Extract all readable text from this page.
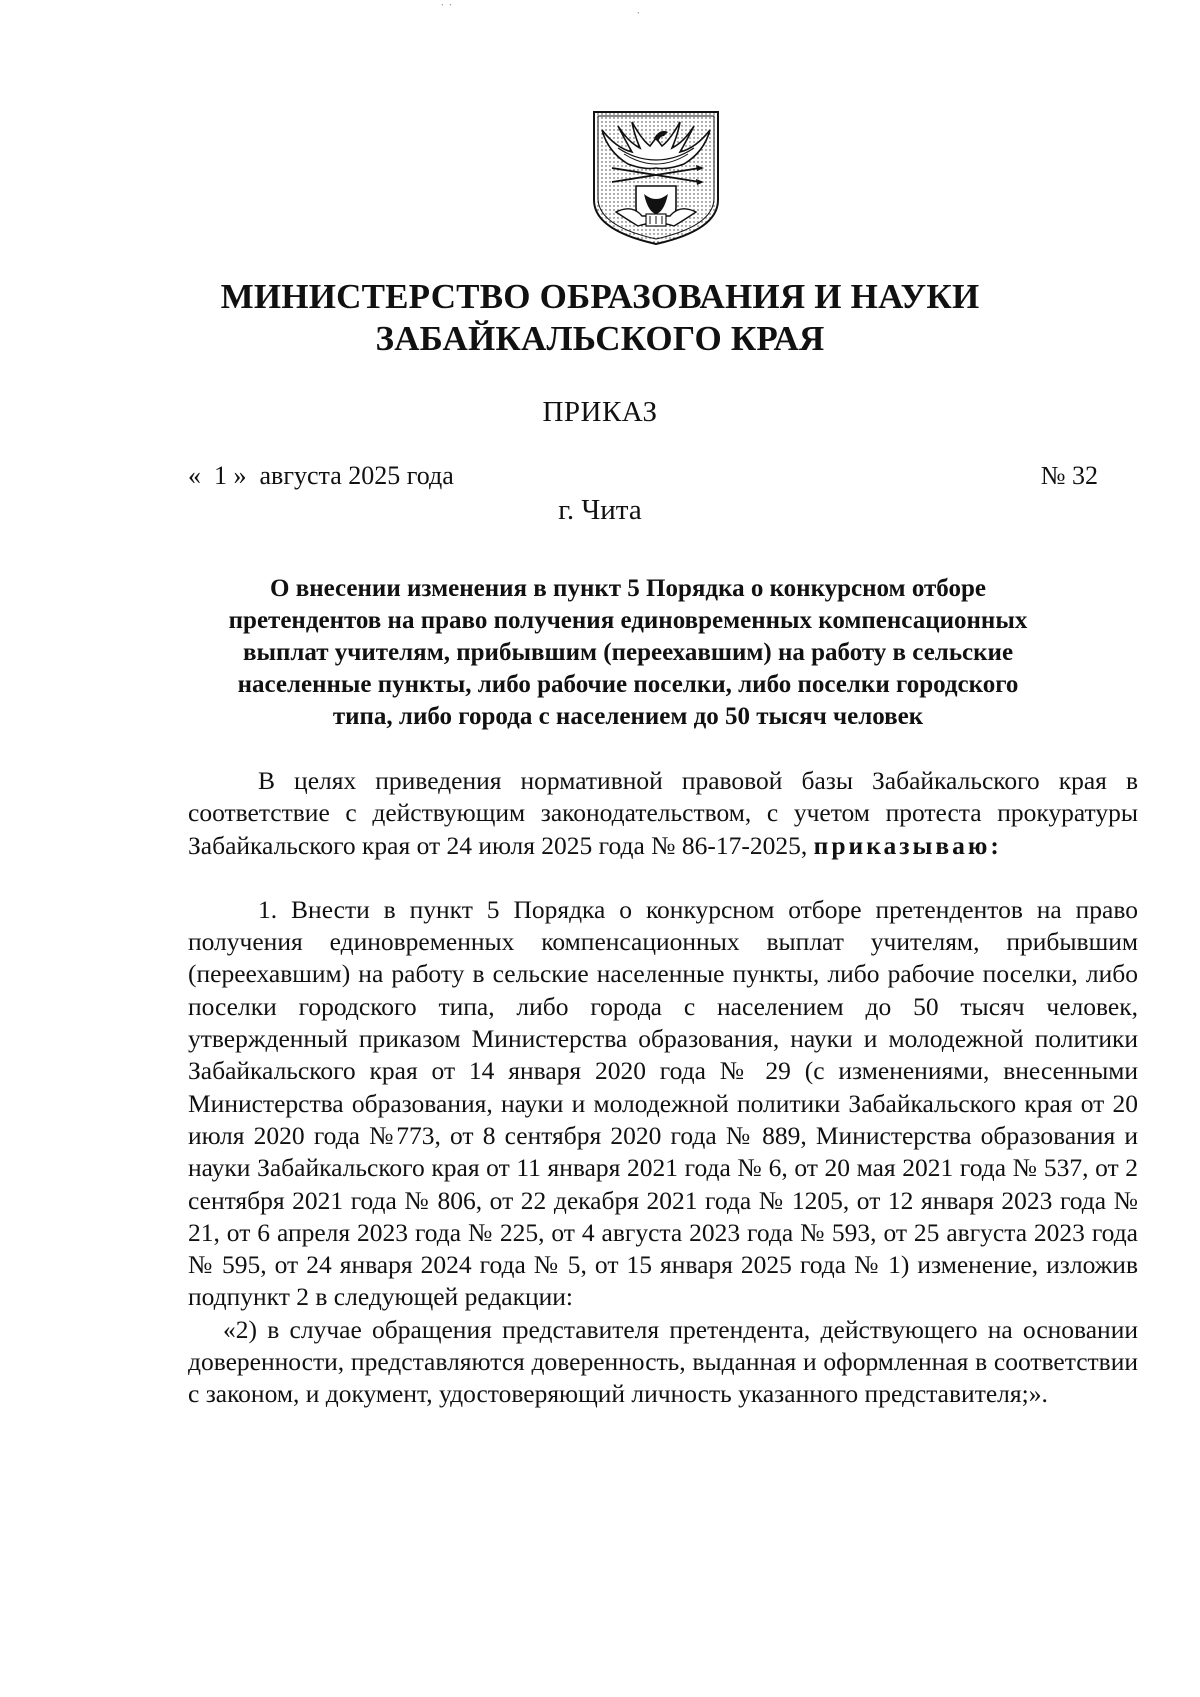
˙ ˙
˙
МИНИСТЕРСТВО ОБРАЗОВАНИЯ И НАУКИ
ЗАБАЙКАЛЬСКОГО КРАЯ
ПРИКАЗ
«  1 »  августа 2025 года	№ 32
г. Чита
О внесении изменения в пункт 5 Порядка о конкурсном отборе
претендентов на право получения единовременных компенсационных
выплат учителям, прибывшим (переехавшим) на работу в сельские
населенные пункты, либо рабочие поселки, либо поселки городского
типа, либо города с населением до 50 тысяч человек

В целях приведения нормативной правовой базы Забайкальского края в соответствие с действующим законодательством, с учетом протеста прокуратуры Забайкальского края от 24 июля 2025 года № 86-17-2025, приказываю:

1. Внести в пункт 5 Порядка о конкурсном отборе претендентов на право получения единовременных компенсационных выплат учителям, прибывшим (переехавшим) на работу в сельские населенные пункты, либо рабочие поселки, либо поселки городского типа, либо города с населением до 50 тысяч человек, утвержденный приказом Министерства образования, науки и молодежной политики Забайкальского края от 14 января 2020 года № 29 (с изменениями, внесенными Министерства образования, науки и молодежной политики Забайкальского края от 20 июля 2020 года №773, от 8 сентября 2020 года № 889, Министерства образования и науки Забайкальского края от 11 января 2021 года № 6, от 20 мая 2021 года № 537, от 2 сентября 2021 года № 806, от 22 декабря 2021 года № 1205, от 12 января 2023 года № 21, от 6 апреля 2023 года № 225, от 4 августа 2023 года № 593, от 25 августа 2023 года № 595, от 24 января 2024 года № 5, от 15 января 2025 года № 1) изменение, изложив подпункт 2 в следующей редакции:

«2) в случае обращения представителя претендента, действующего на основании доверенности, представляются доверенность, выданная и оформленная в соответствии с законом, и документ, удостоверяющий личность указанного представителя;».
